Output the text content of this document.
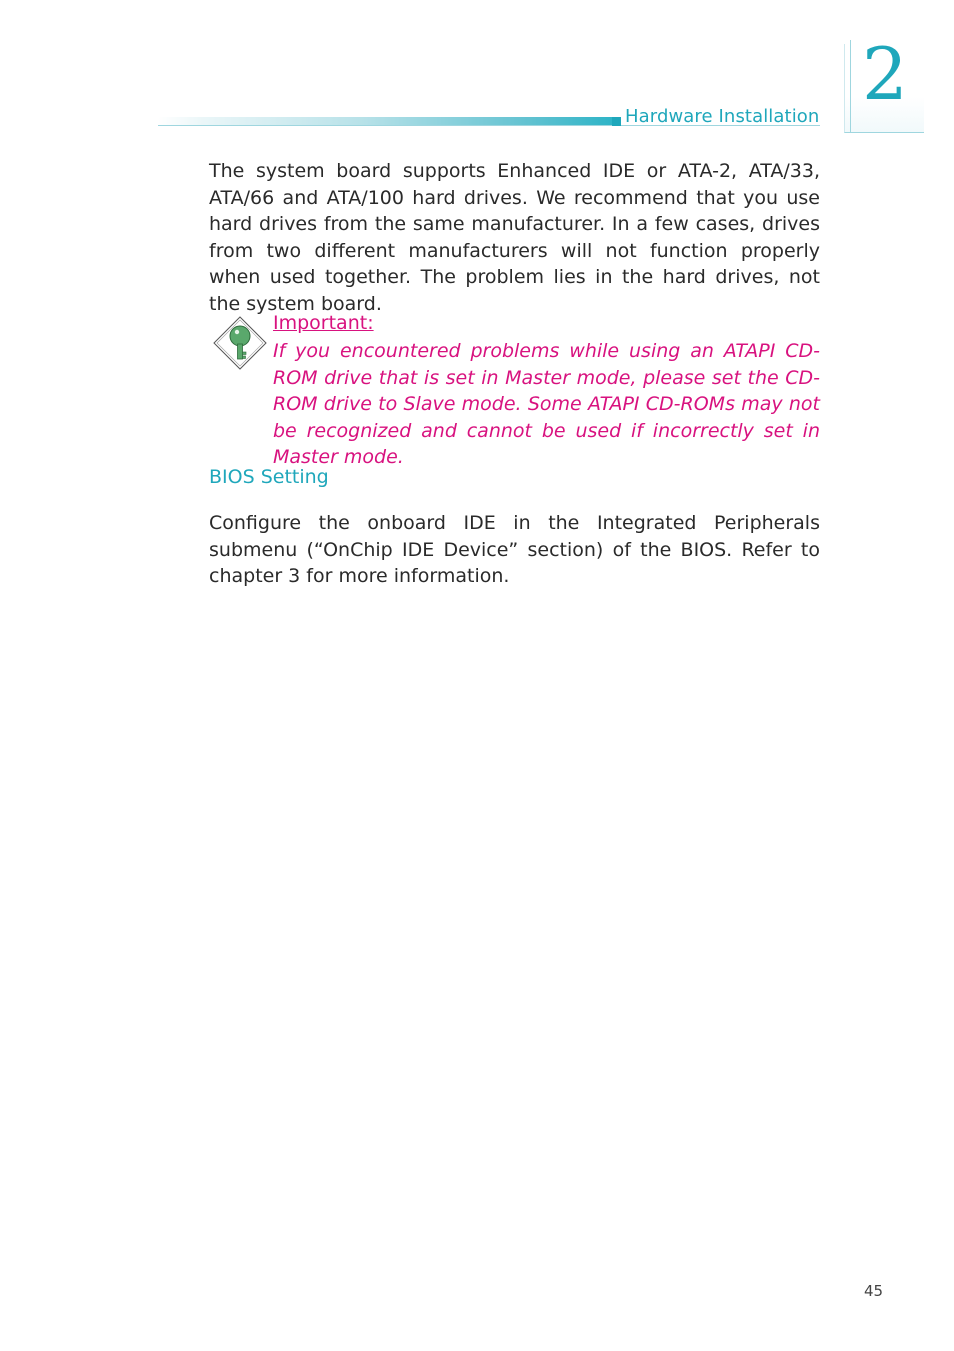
Hardware Installation
2
The system board supports Enhanced IDE or ATA-2, ATA/33, ATA/66 and ATA/100 hard drives. We recommend that you use hard drives from the same manufacturer. In a few cases, drives from two different manufacturers will not function properly when used together. The problem lies in the hard drives, not the system board.
Important:
If you encountered problems while using an ATAPI CD-ROM drive that is set in Master mode, please set the CD-ROM drive to Slave mode. Some ATAPI CD-ROMs may not be recognized and cannot be used if incorrectly set in Master mode.
BIOS Setting
Configure the onboard IDE in the Integrated Peripherals submenu (“OnChip IDE Device” section) of the BIOS. Refer to chapter 3 for more information.
45
